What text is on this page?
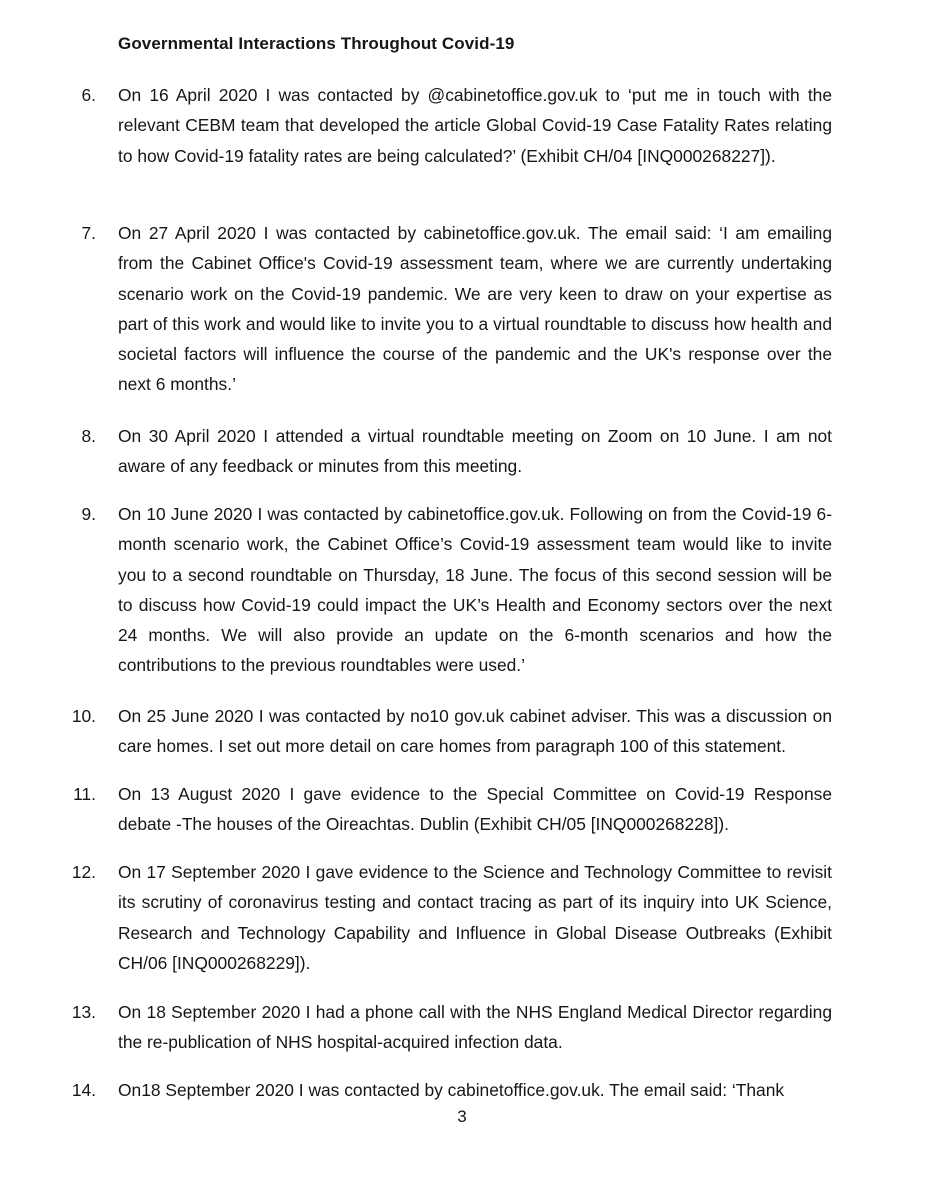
Governmental Interactions Throughout Covid-19
6. On 16 April 2020 I was contacted by @cabinetoffice.gov.uk to ‘put me in touch with the relevant CEBM team that developed the article Global Covid-19 Case Fatality Rates relating to how Covid-19 fatality rates are being calculated?’ (Exhibit CH/04 [INQ000268227]).
7. On 27 April 2020 I was contacted by cabinetoffice.gov.uk. The email said: ‘I am emailing from the Cabinet Office's Covid-19 assessment team, where we are currently undertaking scenario work on the Covid-19 pandemic. We are very keen to draw on your expertise as part of this work and would like to invite you to a virtual roundtable to discuss how health and societal factors will influence the course of the pandemic and the UK's response over the next 6 months.’
8. On 30 April 2020 I attended a virtual roundtable meeting on Zoom on 10 June. I am not aware of any feedback or minutes from this meeting.
9. On 10 June 2020 I was contacted by cabinetoffice.gov.uk. Following on from the Covid-19 6-month scenario work, the Cabinet Office’s Covid-19 assessment team would like to invite you to a second roundtable on Thursday, 18 June. The focus of this second session will be to discuss how Covid-19 could impact the UK’s Health and Economy sectors over the next 24 months. We will also provide an update on the 6-month scenarios and how the contributions to the previous roundtables were used.’
10. On 25 June 2020 I was contacted by no10 gov.uk cabinet adviser. This was a discussion on care homes. I set out more detail on care homes from paragraph 100 of this statement.
11. On 13 August 2020 I gave evidence to the Special Committee on Covid-19 Response debate -The houses of the Oireachtas. Dublin (Exhibit CH/05 [INQ000268228]).
12. On 17 September 2020 I gave evidence to the Science and Technology Committee to revisit its scrutiny of coronavirus testing and contact tracing as part of its inquiry into UK Science, Research and Technology Capability and Influence in Global Disease Outbreaks (Exhibit CH/06 [INQ000268229]).
13. On 18 September 2020 I had a phone call with the NHS England Medical Director regarding the re-publication of NHS hospital-acquired infection data.
14. On18 September 2020 I was contacted by cabinetoffice.gov.uk. The email said: ‘Thank
3
